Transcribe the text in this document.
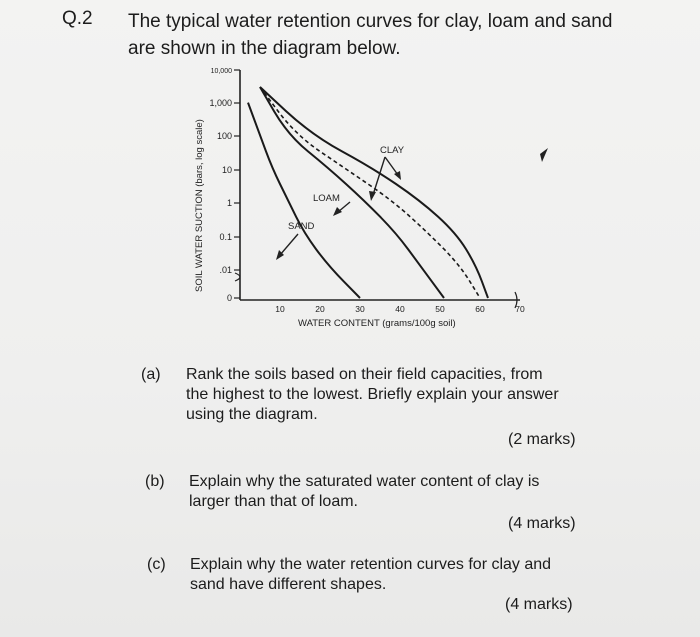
Q.2 The typical water retention curves for clay, loam and sand
are shown in the diagram below.
10,000
1,000
100
10
1
0.1
.01
0
10	20	30	40	50	60	70
WATER CONTENT (grams/100g soil)
SOIL WATER SUCTION (bars, log scale)	SAND
LOAM
CLAY
(a) Rank the soils based on their field capacities, from
the highest to the lowest. Briefly explain your answer
using the diagram.
(2 marks)
(b) Explain why the saturated water content of clay is
larger than that of loam.
(4 marks)
(c) Explain why the water retention curves for clay and
sand have different shapes.
(4 marks)
